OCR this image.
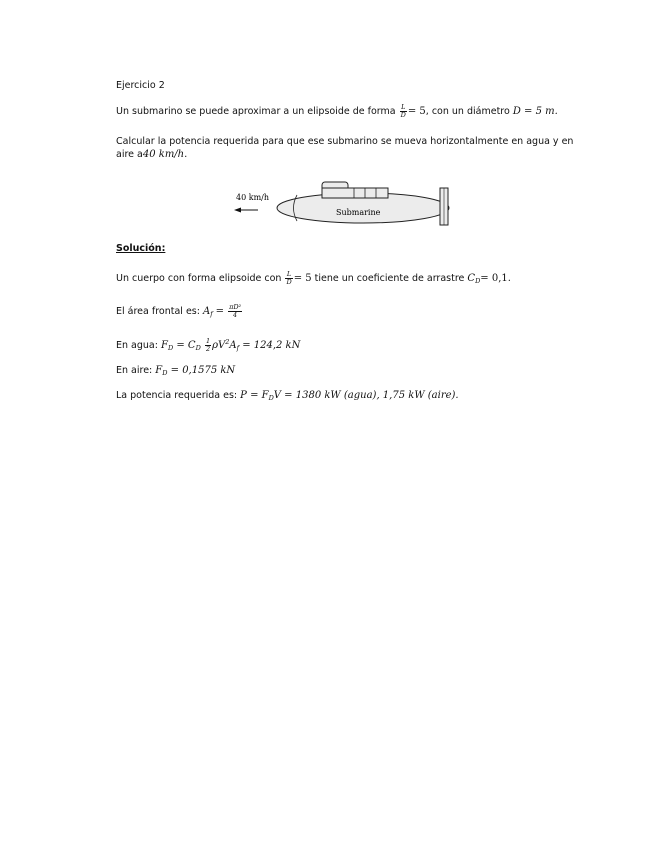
Ejercicio 2
Un submarino se puede aproximar a un elipsoide de forma $\frac{L}{D} = 5$, con un diámetro D = 5 m.
Calcular la potencia requerida para que ese submarino se mueva horizontalmente en agua y en
aire a40 km/h.
40 km/h
Submarine
Solución:
Un cuerpo con forma elipsoide con $\frac{L}{D} = 5$ tiene un coeficiente de arrastre $C_D= 0,1$.
El área frontal es: $A_f = \frac{\text{πD²}}{4}$
En agua: $F_D = C_D \frac{1}{2} \rho V^2A_f = 124,2$ kN
En aire: $F_D = 0,1575$ kN
La potencia requerida es: $P = F_DV = 1380$ kW (agua), 1,75 kW (aire).
